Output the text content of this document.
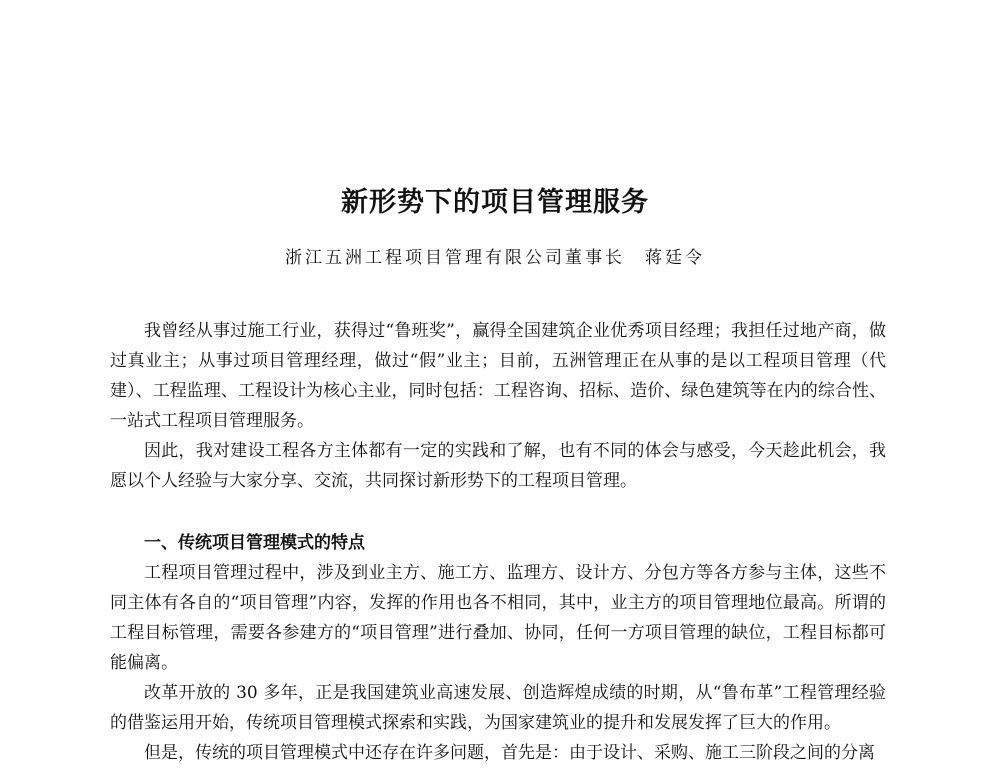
新形势下的项目管理服务
浙江五洲工程项目管理有限公司董事长　蒋廷令

我曾经从事过施工行业，获得过“鲁班奖”，赢得全国建筑企业优秀项目经理；我担任过地产商，做过真业主；从事过项目管理经理，做过“假”业主；目前，五洲管理正在从事的是以工程项目管理（代建）、工程监理、工程设计为核心主业，同时包括：工程咨询、招标、造价、绿色建筑等在内的综合性、一站式工程项目管理服务。

因此，我对建设工程各方主体都有一定的实践和了解，也有不同的体会与感受，今天趁此机会，我愿以个人经验与大家分享、交流，共同探讨新形势下的工程项目管理。

一、传统项目管理模式的特点

工程项目管理过程中，涉及到业主方、施工方、监理方、设计方、分包方等各方参与主体，这些不同主体有各自的“项目管理”内容，发挥的作用也各不相同，其中，业主方的项目管理地位最高。所谓的工程目标管理，需要各参建方的“项目管理”进行叠加、协同，任何一方项目管理的缺位，工程目标都可能偏离。

改革开放的 30 多年，正是我国建筑业高速发展、创造辉煌成绩的时期，从“鲁布革”工程管理经验的借鉴运用开始，传统项目管理模式探索和实践，为国家建筑业的提升和发展发挥了巨大的作用。

但是，传统的项目管理模式中还存在许多问题，首先是：由于设计、采购、施工三阶段之间的分离
